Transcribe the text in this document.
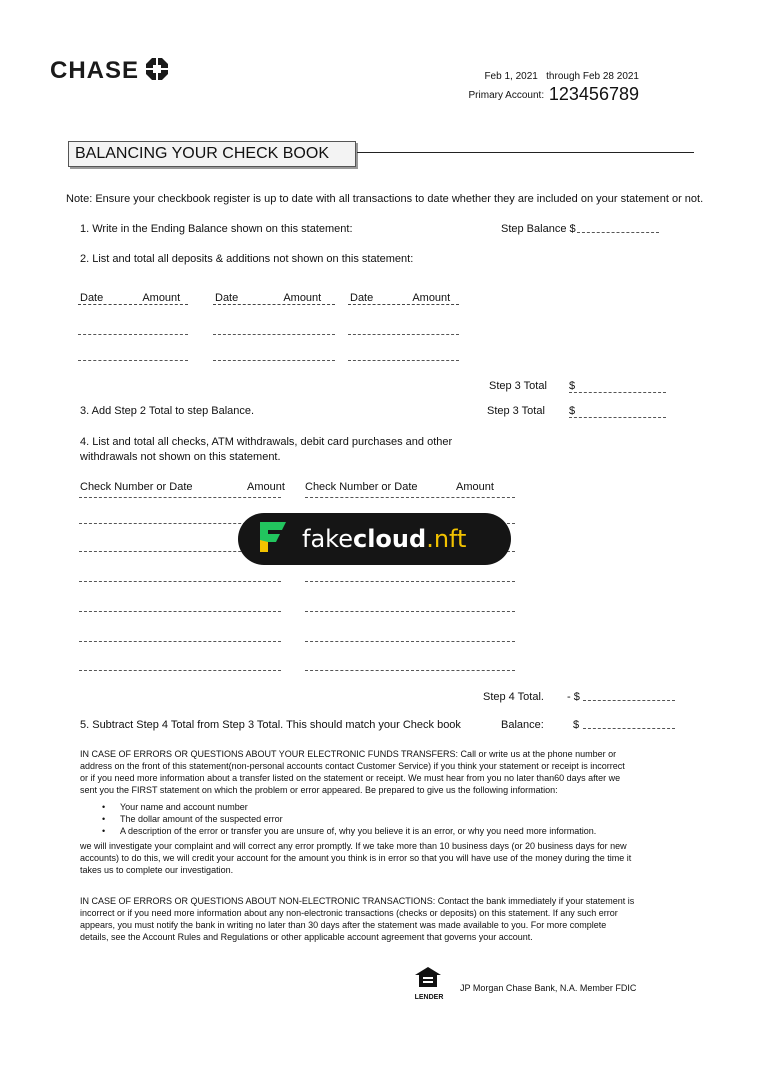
CHASE	Feb 1, 2021   through Feb 28 2021
Primary Account: 123456789
BALANCING YOUR CHECK BOOK
Note: Ensure your checkbook register is up to date with all transactions to date whether they are included on your statement or not.
1. Write in the Ending Balance shown on this statement:	Step Balance $
2. List and total all deposits & additions not shown on this statement:
Date	Amount	Date	Amount	Date	Amount
Step 3 Total $
3. Add Step 2 Total to step Balance.	Step 3 Total $
4. List and total all checks, ATM withdrawals, debit card purchases and other
withdrawals not shown on this statement.
Check Number or Date	Amount Check Number or Date	Amount
Step 4 Total. - $
5. Subtract Step 4 Total from Step 3 Total. This should match your Check book	Balance:	$
fakecloud.nft
IN CASE OF ERRORS OR QUESTIONS ABOUT YOUR ELECTRONIC FUNDS TRANSFERS: Call or write us at the phone number or address on the front of this statement(non-personal accounts contact Customer Service) if you think your statement or receipt is incorrect or if you need more information about a transfer listed on the statement or receipt. We must hear from you no later than60 days after we sent you the FIRST statement on which the problem or error appeared. Be prepared to give us the following information:
• Your name and account number
• The dollar amount of the suspected error
• A description of the error or transfer you are unsure of, why you believe it is an error, or why you need more information.
we will investigate your complaint and will correct any error promptly. If we take more than 10 business days (or 20 business days for new accounts) to do this, we will credit your account for the amount you think is in error so that you will have use of the money during the time it takes us to complete our investigation.
IN CASE OF ERRORS OR QUESTIONS ABOUT NON-ELECTRONIC TRANSACTIONS: Contact the bank immediately if your statement is incorrect or if you need more information about any non-electronic transactions (checks or deposits) on this statement. If any such error appears, you must notify the bank in writing no later than 30 days after the statement was made available to you. For more complete details, see the Account Rules and Regulations or other applicable account agreement that governs your account.
LENDER
JP Morgan Chase Bank, N.A. Member FDIC
